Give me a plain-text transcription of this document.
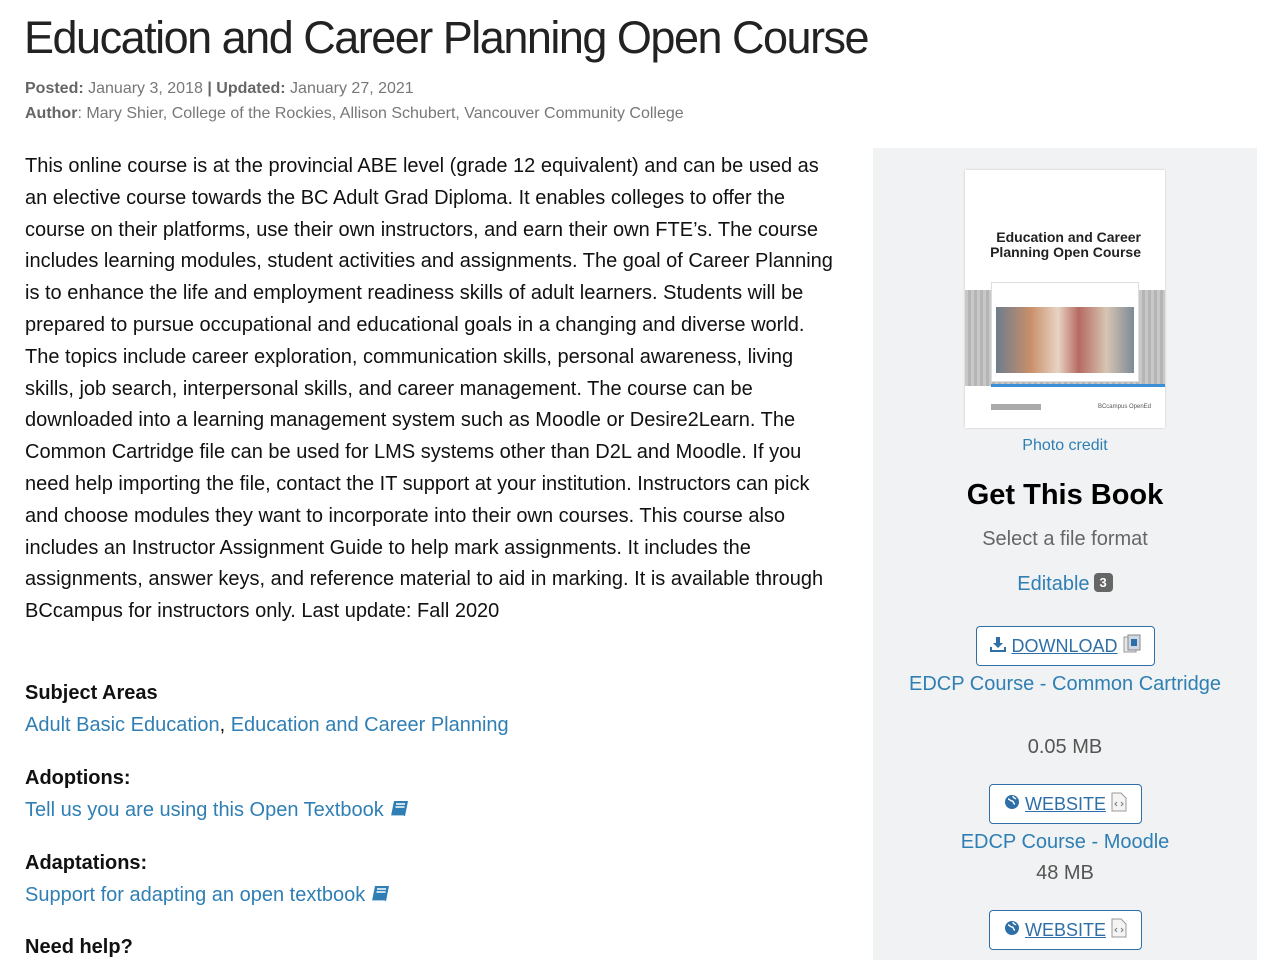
Education and Career Planning Open Course
Posted: January 3, 2018 | Updated: January 27, 2021
Author: Mary Shier, College of the Rockies, Allison Schubert, Vancouver Community College

This online course is at the provincial ABE level (grade 12 equivalent) and can be used as an elective course towards the BC Adult Grad Diploma. It enables colleges to offer the course on their platforms, use their own instructors, and earn their own FTE’s. The course includes learning modules, student activities and assignments. The goal of Career Planning is to enhance the life and employment readiness skills of adult learners. Students will be prepared to pursue occupational and educational goals in a changing and diverse world. The topics include career exploration, communication skills, personal awareness, living skills, job search, interpersonal skills, and career management. The course can be downloaded into a learning management system such as Moodle or Desire2Learn. The Common Cartridge file can be used for LMS systems other than D2L and Moodle. If you need help importing the file, contact the IT support at your institution. Instructors can pick and choose modules they want to incorporate into their own courses. This course also includes an Instructor Assignment Guide to help mark assignments. It includes the assignments, answer keys, and reference material to aid in marking. It is available through BCcampus for instructors only. Last update: Fall 2020

Subject Areas
Adult Basic Education, Education and Career Planning
Adoptions:
Tell us you are using this Open Textbook
Adaptations:
Support for adapting an open textbook
Need help?
Education and Career Planning Open Course
BCcampus OpenEd
Photo credit
Get This Book
Select a file format
Editable 3
DOWNLOAD
EDCP Course - Common Cartridge
0.05 MB
WEBSITE
EDCP Course - Moodle
48 MB
WEBSITE
